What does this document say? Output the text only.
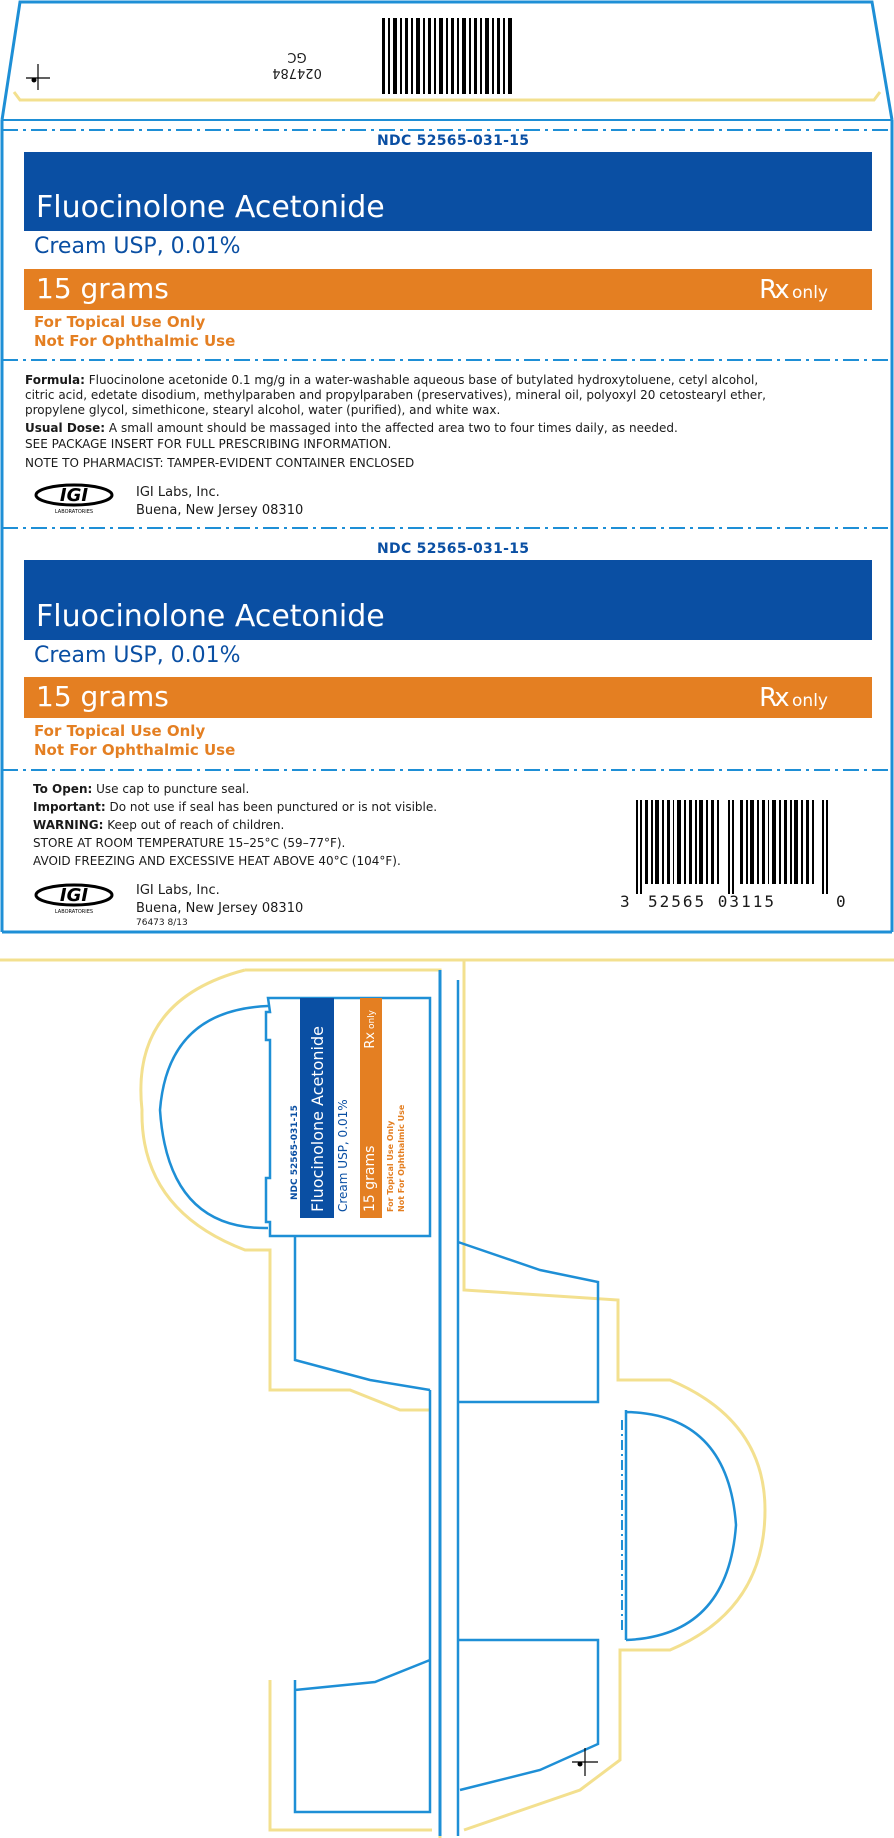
024784
GC
NDC 52565-031-15
Fluocinolone Acetonide
Cream USP, 0.01%
15 grams	Rx only
For Topical Use Only
Not For Ophthalmic Use
Formula: Fluocinolone acetonide 0.1 mg/g in a water-washable aqueous base of butylated hydroxytoluene, cetyl alcohol, citric acid, edetate disodium, methylparaben and propylparaben (preservatives), mineral oil, polyoxyl 20 cetostearyl ether, propylene glycol, simethicone, stearyl alcohol, water (purified), and white wax.
Usual Dose: A small amount should be massaged into the affected area two to four times daily, as needed.
SEE PACKAGE INSERT FOR FULL PRESCRIBING INFORMATION.
NOTE TO PHARMACIST: TAMPER-EVIDENT CONTAINER ENCLOSED
IGI
LABORATORIES
IGI Labs, Inc.
Buena, New Jersey 08310
NDC 52565-031-15
Fluocinolone Acetonide
Cream USP, 0.01%
15 grams	Rx only
For Topical Use Only
Not For Ophthalmic Use
To Open: Use cap to puncture seal.
Important: Do not use if seal has been punctured or is not visible.
WARNING: Keep out of reach of children.
STORE AT ROOM TEMPERATURE 15–25°C (59–77°F).
AVOID FREEZING AND EXCESSIVE HEAT ABOVE 40°C (104°F).
IGI
LABORATORIES
IGI Labs, Inc.
Buena, New Jersey 08310
76473 8/13
3 52565 03115	0
NDC 52565-031-15 Fluocinolone Acetonide Cream USP, 0.01% 15 grams
Rx only
For Topical Use Only Not For Ophthalmic Use
